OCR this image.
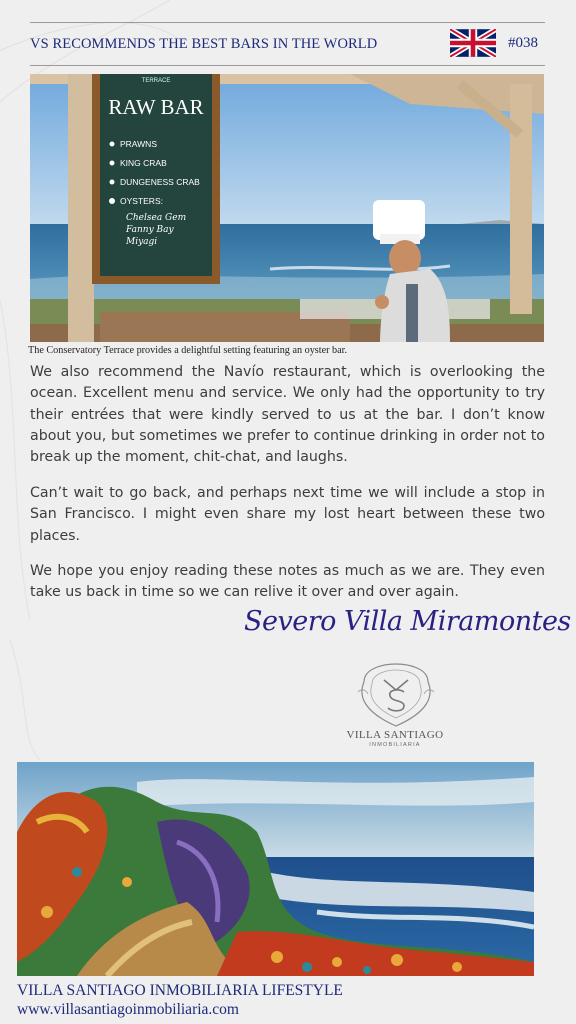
VS RECOMMENDS THE BEST BARS IN THE WORLD	#038
TERRACE
RAW BAR
PRAWNS
KING CRAB
DUNGENESS CRAB
OYSTERS:
Chelsea Gem
Fanny Bay
Miyagi
The Conservatory Terrace provides a delightful setting featuring an oyster bar.

We also recommend the Navío restaurant, which is overlooking the ocean. Excellent menu and service. We only had the opportunity to try their entrées that were kindly served to us at the bar. I don’t know about you, but sometimes we prefer to continue drinking in order not to break up the moment, chit-chat, and laughs.

Can’t wait to go back, and perhaps next time we will include a stop in San Francisco. I might even share my lost heart between these two places.

We hope you enjoy reading these notes as much as we are. They even take us back in time so we can relive it over and over again.

Severo Villa Miramontes
VILLA SANTIAGO
INMOBILIARIA
VILLA SANTIAGO INMOBILIARIA LIFESTYLE
www.villasantiagoinmobiliaria.com
